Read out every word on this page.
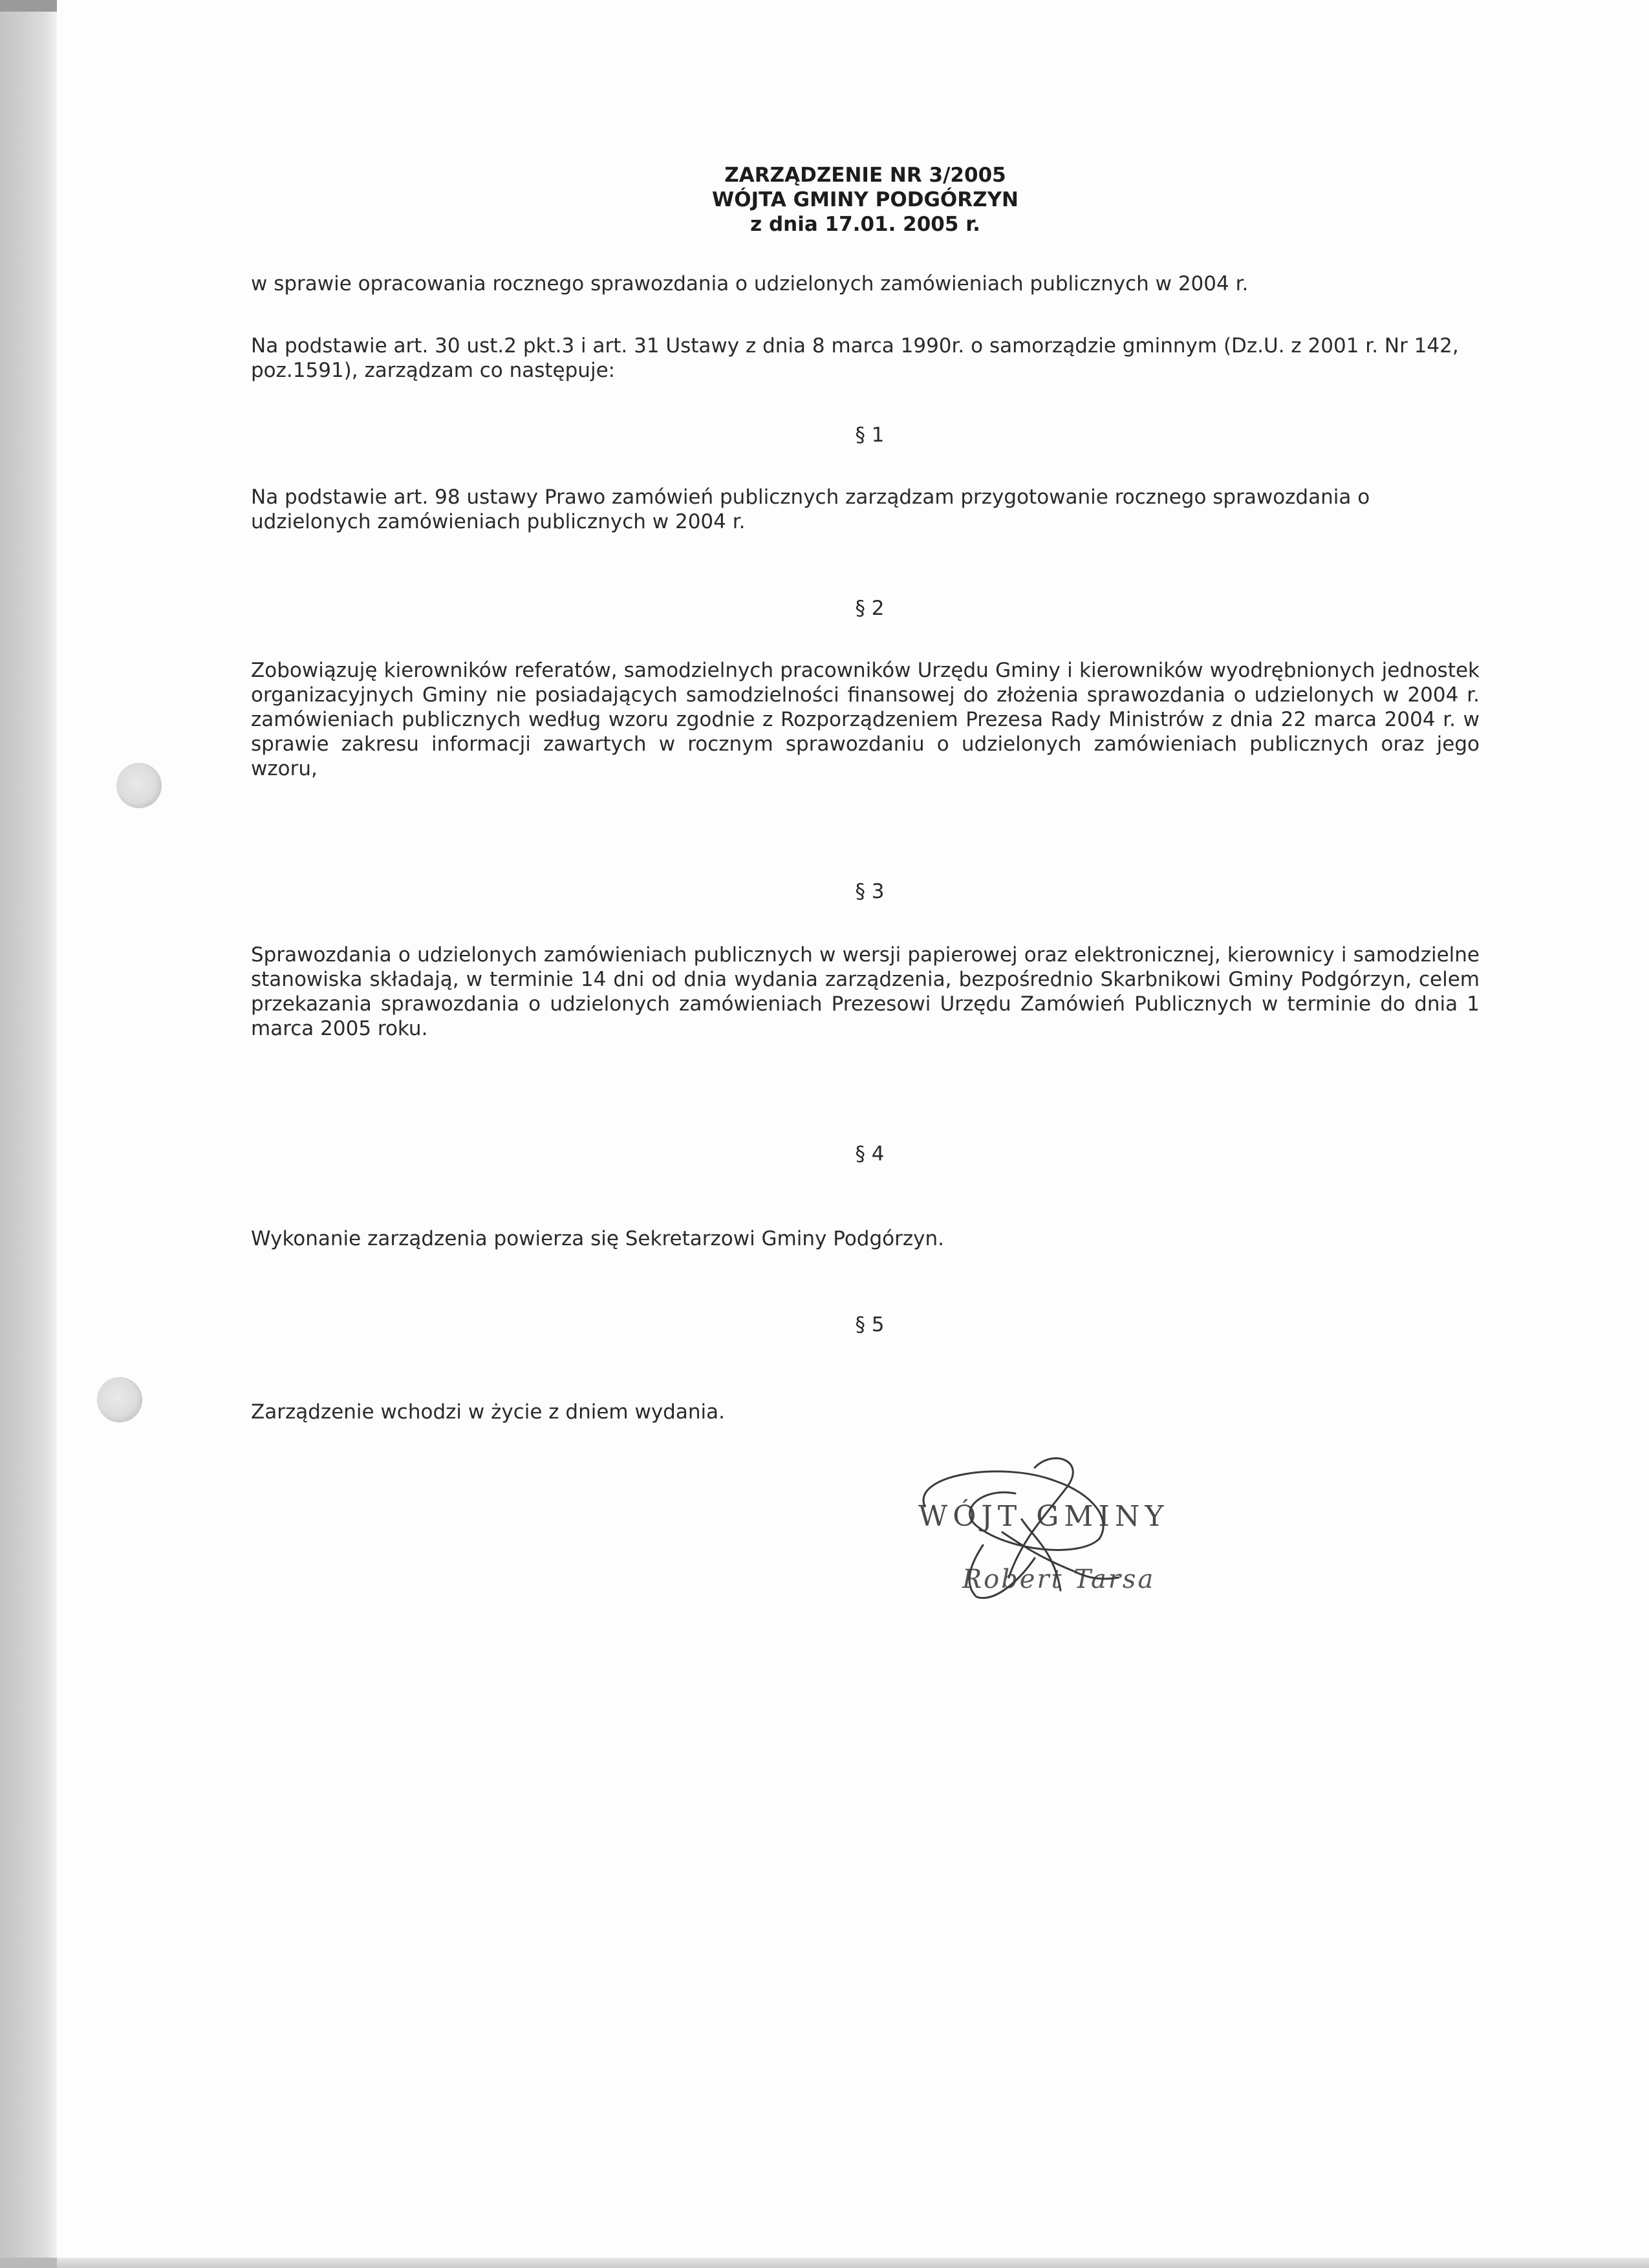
ZARZĄDZENIE NR 3/2005
WÓJTA GMINY PODGÓRZYN
z dnia 17.01. 2005 r.

w sprawie opracowania rocznego sprawozdania o udzielonych zamówieniach publicznych w 2004 r.

Na podstawie art. 30 ust.2 pkt.3 i art. 31 Ustawy z dnia 8 marca 1990r. o samorządzie gminnym (Dz.U. z 2001 r. Nr 142, poz.1591), zarządzam co następuje:

§ 1

Na podstawie art. 98 ustawy Prawo zamówień publicznych zarządzam przygotowanie rocznego sprawozdania o udzielonych zamówieniach publicznych w 2004 r.

§ 2

Zobowiązuję kierowników referatów, samodzielnych pracowników Urzędu Gminy i kierowników wyodrębnionych jednostek organizacyjnych Gminy nie posiadających samodzielności finansowej do złożenia sprawozdania o udzielonych w 2004 r. zamówieniach publicznych według wzoru zgodnie z Rozporządzeniem Prezesa Rady Ministrów z dnia 22 marca 2004 r. w sprawie zakresu informacji zawartych w rocznym sprawozdaniu o udzielonych zamówieniach publicznych oraz jego wzoru,

§ 3

Sprawozdania o udzielonych zamówieniach publicznych w wersji papierowej oraz elektronicznej, kierownicy i samodzielne stanowiska składają, w terminie 14 dni od dnia wydania zarządzenia, bezpośrednio Skarbnikowi Gminy Podgórzyn, celem przekazania sprawozdania o udzielonych zamówieniach Prezesowi Urzędu Zamówień Publicznych w terminie do dnia 1 marca 2005 roku.

§ 4

Wykonanie zarządzenia powierza się Sekretarzowi Gminy Podgórzyn.

§ 5

Zarządzenie wchodzi w życie z dniem wydania.

WÓJT GMINY
Robert Tarsa
